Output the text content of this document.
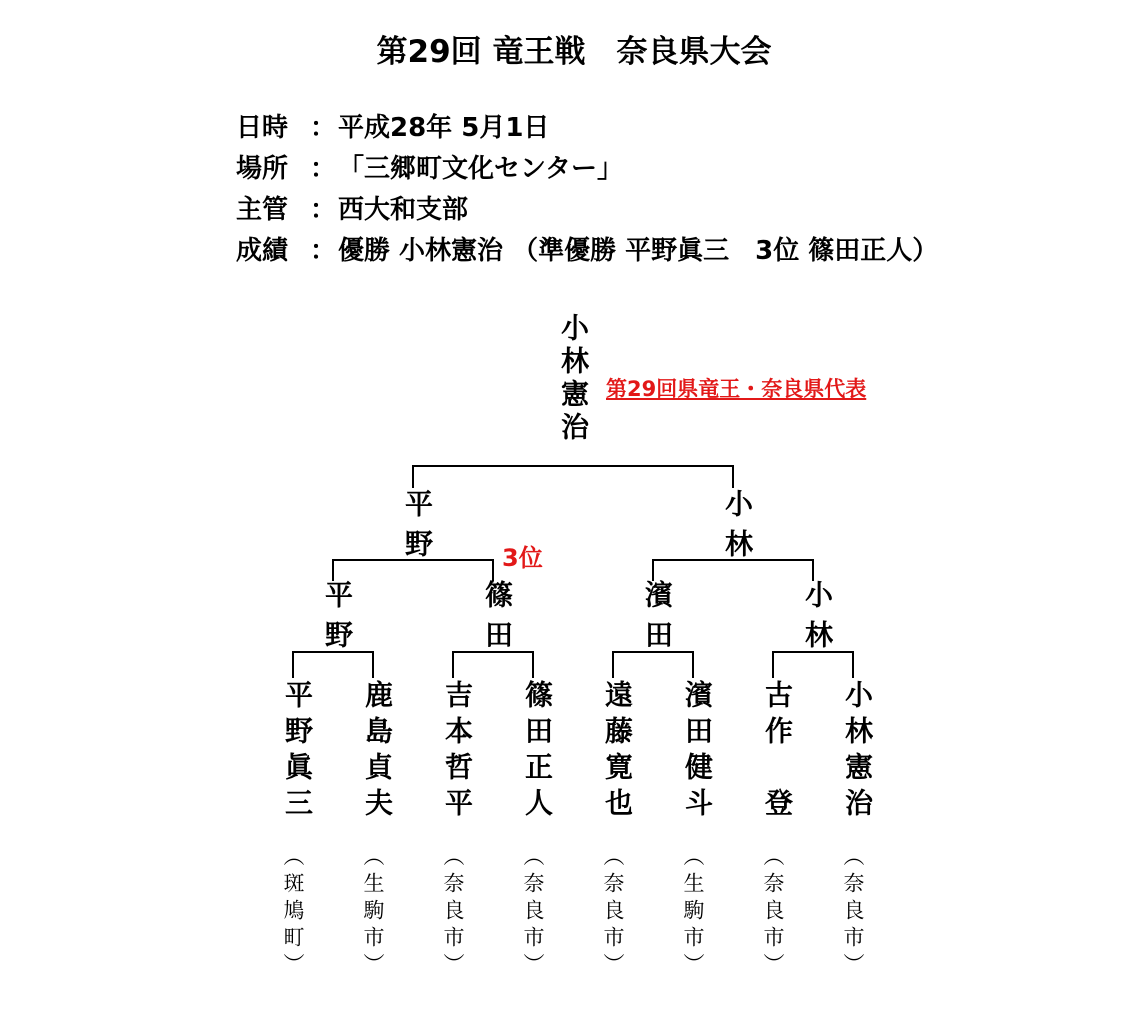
第29回 竜王戦　奈良県大会
日時 ：平成28年 5月1日
場所 ：「三郷町文化センター」
主管 ：西大和支部
成績 ：優勝 小林憲治 （準優勝 平野眞三　3位 篠田正人）
小林憲治 第29回県竜王・奈良県代表
平野	小林
3位
平野	篠田	濱田	小林
平野眞三 鹿島貞夫 吉本哲平 篠田正人 遠藤寛也 濱田健斗 古作　登 小林憲治
（斑鳩町）	（生駒市）	（奈良市）	（奈良市）	（奈良市）	（生駒市）	（奈良市）	（奈良市）
